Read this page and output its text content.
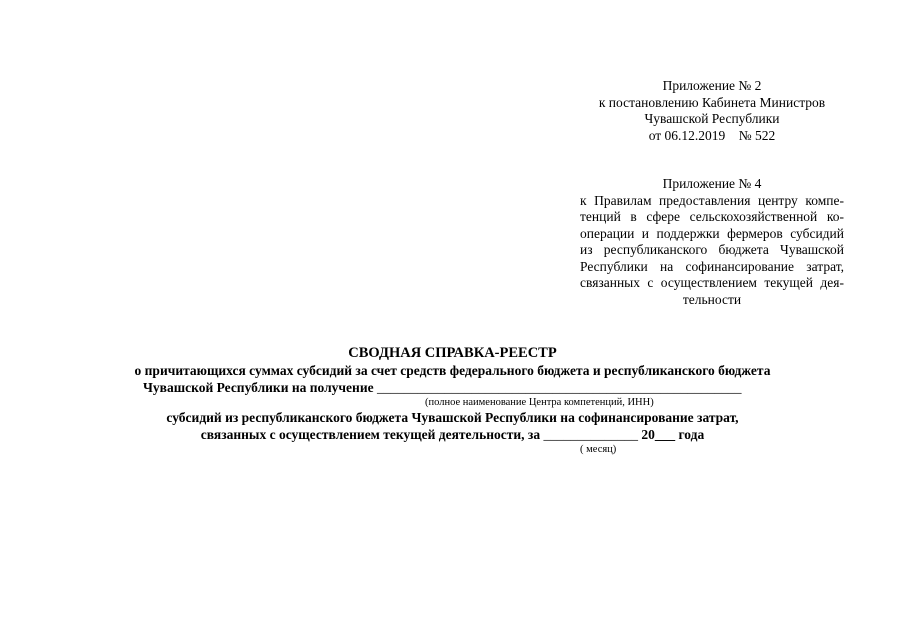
Приложение № 2
к постановлению Кабинета Министров
Чувашской Республики
от 06.12.2019    № 522
Приложение № 4
к Правилам предоставления центру компе-
тенций в сфере сельскохозяйственной ко-
операции и поддержки фермеров субсидий
из республиканского бюджета Чувашской
Республики на софинансирование затрат,
связанных с осуществлением текущей дея-
тельности
СВОДНАЯ СПРАВКА-РЕЕСТР
о причитающихся суммах субсидий за счет средств федерального бюджета и республиканского бюджета
Чувашской Республики на получение ______________________________________________________
(полное наименование Центра компетенций, ИНН)
субсидий из республиканского бюджета Чувашской Республики на софинансирование затрат,
связанных с осуществлением текущей деятельности, за ______________ 20___ года
( месяц)
